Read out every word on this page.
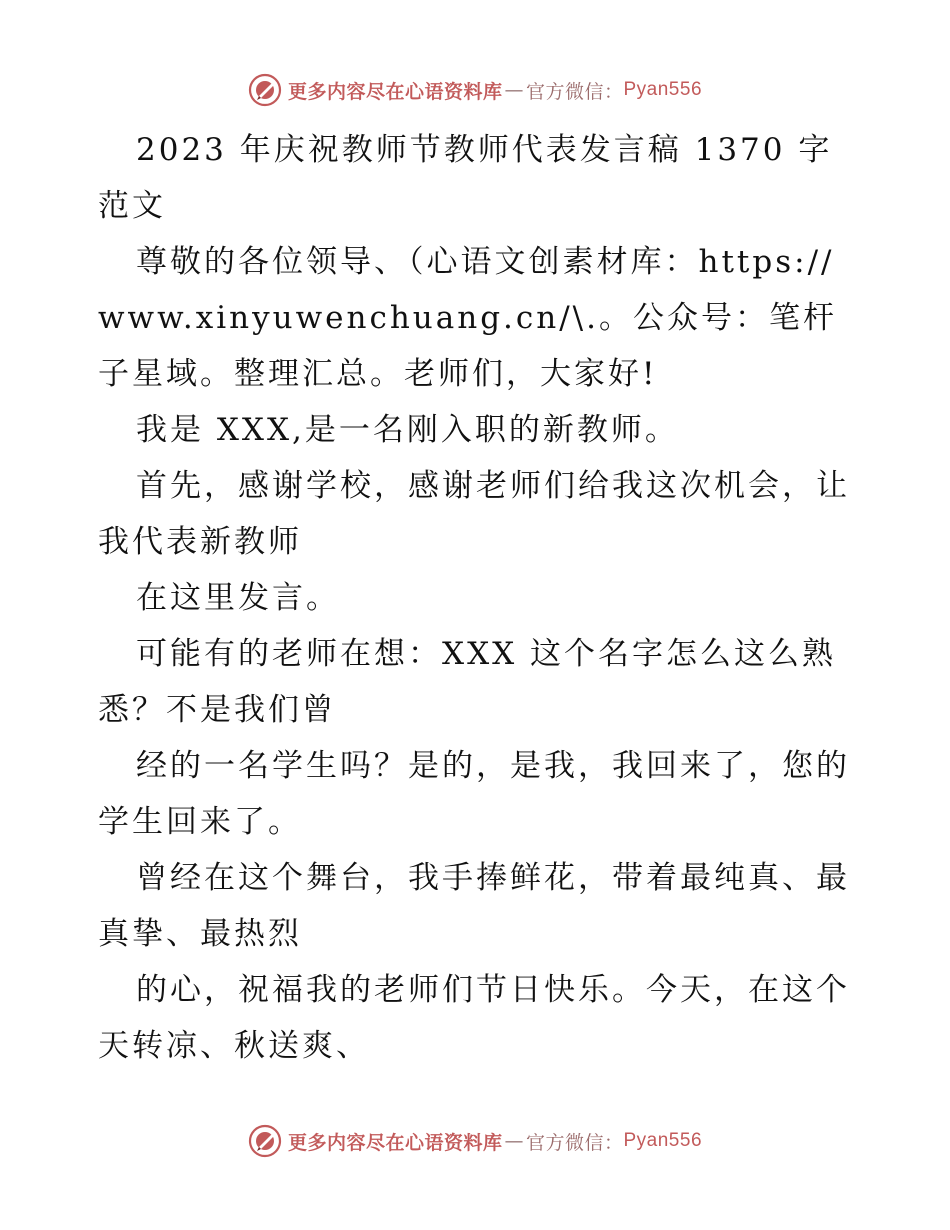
更多内容尽在心语资料库 — 官方微信： Pyan556

2023 年庆祝教师节教师代表发言稿 1370 字范文

尊敬的各位领导、（心语文创素材库：https://www.xinyuwenchuang.cn/\.。公众号：笔杆子星域。整理汇总。老师们，大家好!

我是 XXX,是一名刚入职的新教师。

首先，感谢学校，感谢老师们给我这次机会，让我代表新教师

在这里发言。

可能有的老师在想：XXX 这个名字怎么这么熟悉？不是我们曾

经的一名学生吗？是的，是我，我回来了，您的学生回来了。

曾经在这个舞台，我手捧鲜花，带着最纯真、最真挚、最热烈

的心，祝福我的老师们节日快乐。今天，在这个天转凉、秋送爽、

更多内容尽在心语资料库 — 官方微信： Pyan556
